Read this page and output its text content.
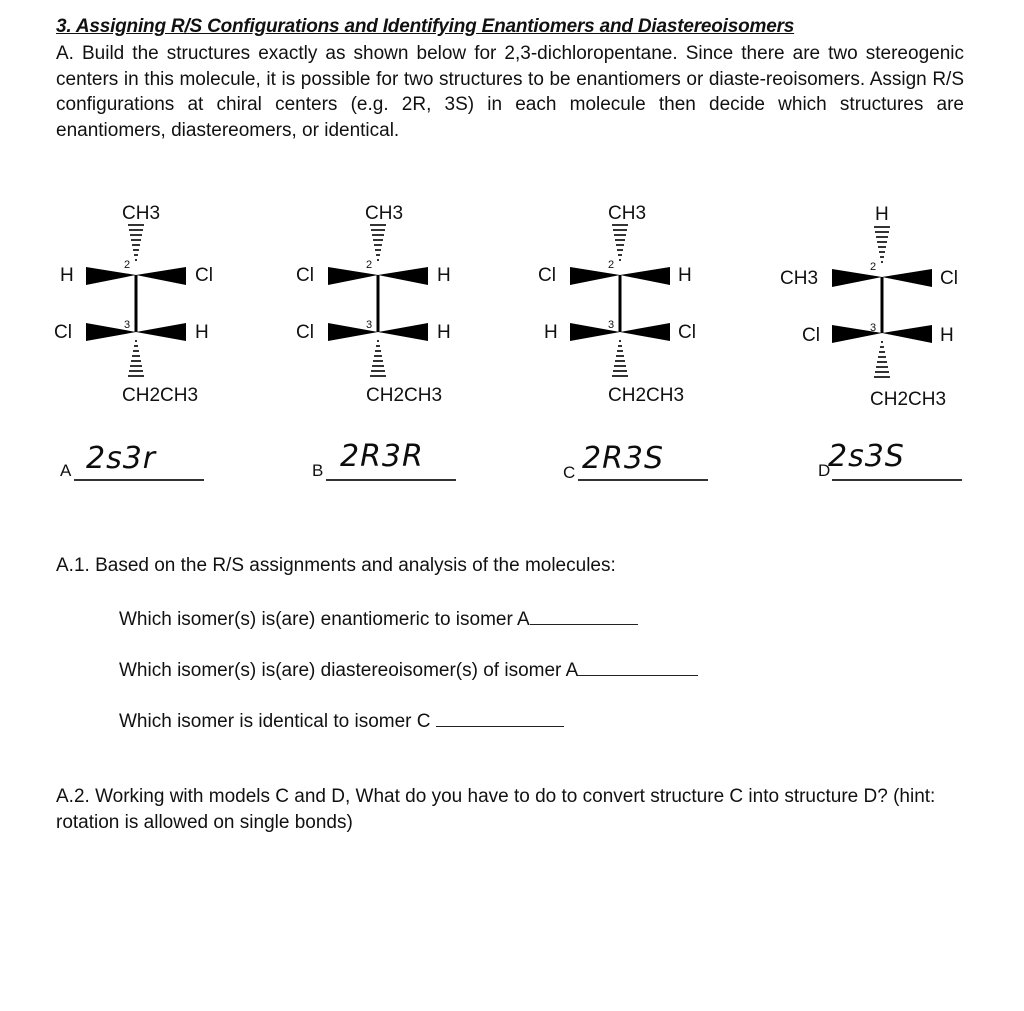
3. Assigning R/S Configurations and Identifying Enantiomers and Diastereoisomers
A. Build the structures exactly as shown below for 2,3-dichloropentane. Since there are two stereogenic centers in this molecule, it is possible for two structures to be enantiomers or diaste-reoisomers. Assign R/S configurations at chiral centers (e.g. 2R, 3S) in each molecule then decide which structures are enantiomers, diastereomers, or identical.
CH3
H	Cl
Cl	H
2
3
CH2CH3
A 2s3r
CH3
Cl	H
Cl	H
2
3
CH2CH3
B 2R3R
CH3
Cl	H
H	Cl
2
3
CH2CH3
C 2R3S
H
CH3	Cl
Cl	H
2
3
CH2CH3
D
2s3S
A.1. Based on the R/S assignments and analysis of the molecules:
Which isomer(s) is(are) enantiomeric to isomer A
Which isomer(s) is(are) diastereoisomer(s) of isomer A
Which isomer is identical to isomer C
A.2. Working with models C and D, What do you have to do to convert structure C into structure D? (hint: rotation is allowed on single bonds)
